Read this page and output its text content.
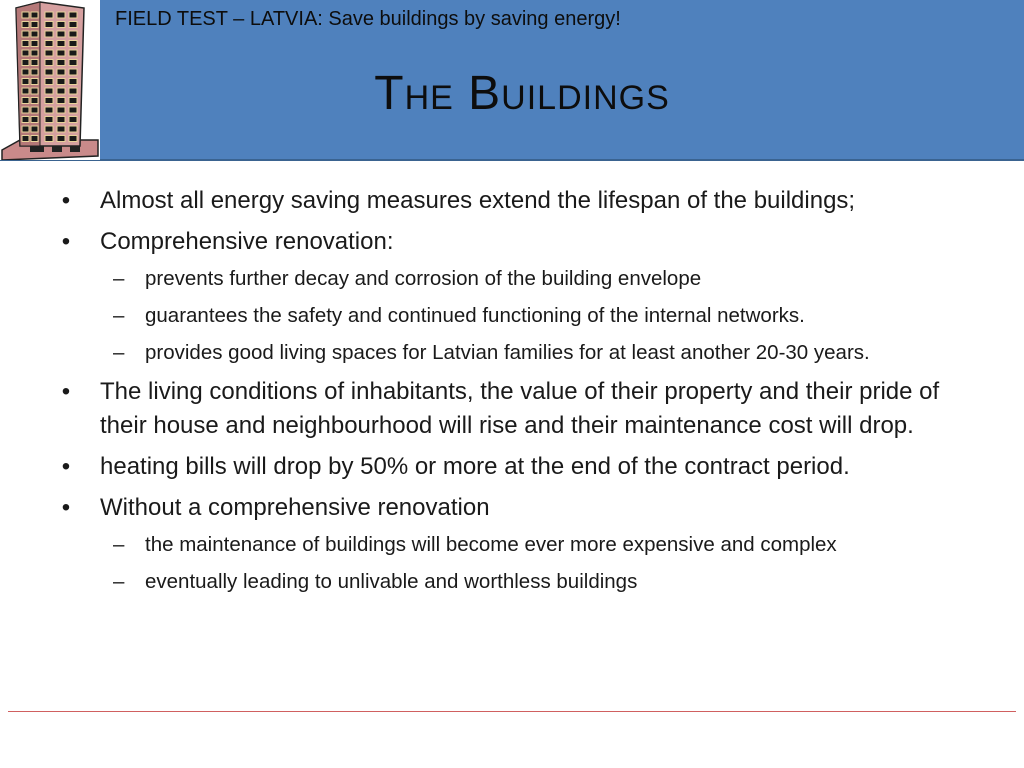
FIELD TEST – LATVIA: Save buildings by saving energy!
The Buildings
• Almost all energy saving measures extend the lifespan of the buildings;
• Comprehensive renovation:
– prevents further decay and corrosion of the building envelope
– guarantees the safety and continued functioning of the internal networks.
– provides good living spaces for Latvian families for at least another 20-30 years.
• The living conditions of inhabitants, the value of their property and their pride of their house and neighbourhood will rise and their maintenance cost will drop.
• heating bills will drop by 50% or more at the end of the contract period.
• Without a comprehensive renovation
– the maintenance of buildings will become ever more expensive and complex
– eventually leading to unlivable and worthless buildings
